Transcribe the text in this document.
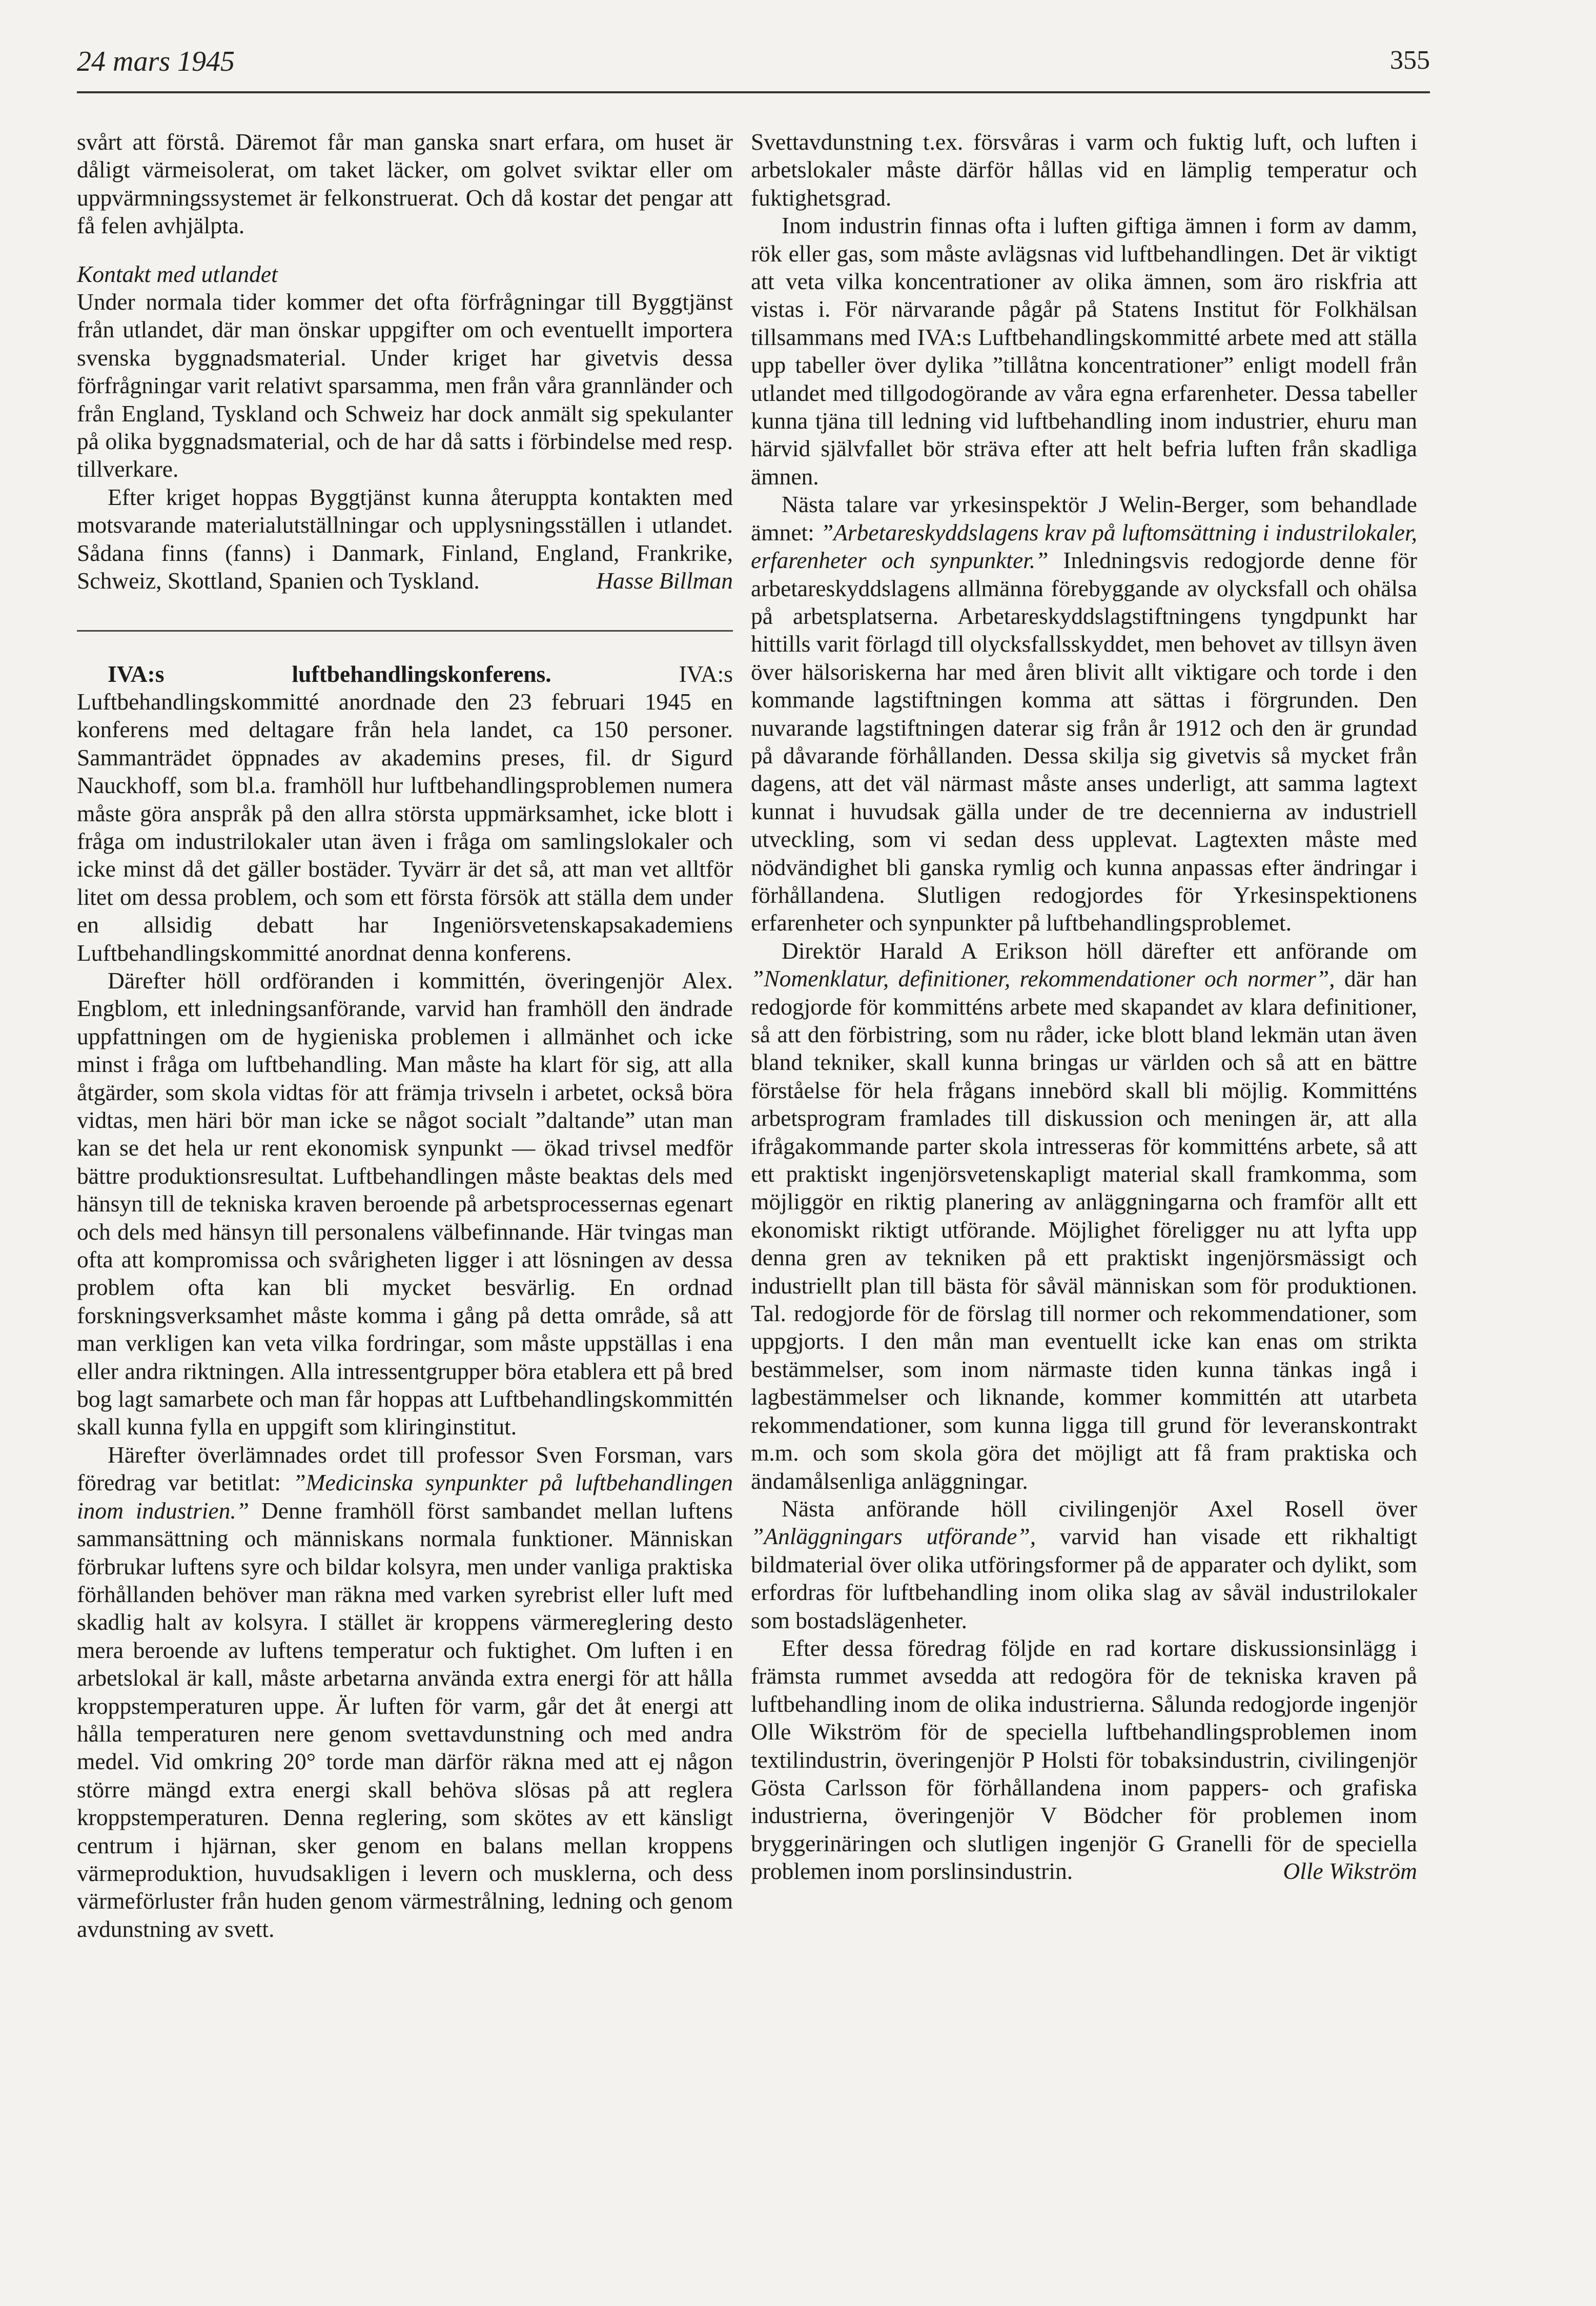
24 mars 1945	355

svårt att förstå. Däremot får man ganska snart erfara, om huset är dåligt värmeisolerat, om taket läcker, om golvet sviktar eller om uppvärmningssystemet är felkonstruerat. Och då kostar det pengar att få felen avhjälpta.

Kontakt med utlandet

Under normala tider kommer det ofta förfrågningar till Byggtjänst från utlandet, där man önskar uppgifter om och eventuellt importera svenska byggnadsmaterial. Under kriget har givetvis dessa förfrågningar varit relativt sparsamma, men från våra grannländer och från England, Tyskland och Schweiz har dock anmält sig spekulanter på olika byggnadsmaterial, och de har då satts i förbindelse med resp. tillverkare.

Efter kriget hoppas Byggtjänst kunna återuppta kontakten med motsvarande materialutställningar och upplysningsställen i utlandet. Sådana finns (fanns) i Danmark, Finland, England, Frankrike, Schweiz, Skottland, Spanien och Tyskland.	Hasse Billman

IVA:s luftbehandlingskonferens.	IVA:s Luftbehandlingskommitté anordnade den 23 februari 1945 en konferens med deltagare från hela landet, ca 150 personer. Sammanträdet öppnades av akademins preses, fil. dr Sigurd Nauckhoff, som bl.a. framhöll hur luftbehandlingsproblemen numera måste göra anspråk på den allra största uppmärksamhet, icke blott i fråga om industrilokaler utan även i fråga om samlingslokaler och icke minst då det gäller bostäder. Tyvärr är det så, att man vet alltför litet om dessa problem, och som ett första försök att ställa dem under en allsidig debatt har Ingeniörsvetenskapsakademiens Luftbehandlingskommitté anordnat denna konferens.

Därefter höll ordföranden i kommittén, överingenjör Alex. Engblom, ett inledningsanförande, varvid han framhöll den ändrade uppfattningen om de hygieniska problemen i allmänhet och icke minst i fråga om luftbehandling. Man måste ha klart för sig, att alla åtgärder, som skola vidtas för att främja trivseln i arbetet, också böra vidtas, men häri bör man icke se något socialt ”daltande” utan man kan se det hela ur rent ekonomisk synpunkt — ökad trivsel medför bättre produktionsresultat. Luftbehandlingen måste beaktas dels med hänsyn till de tekniska kraven beroende på arbetsprocessernas egenart och dels med hänsyn till personalens välbefinnande. Här tvingas man ofta att kompromissa och svårigheten ligger i att lösningen av dessa problem ofta kan bli mycket besvärlig. En ordnad forskningsverksamhet måste komma i gång på detta område, så att man verkligen kan veta vilka fordringar, som måste uppställas i ena eller andra riktningen. Alla intressentgrupper böra etablera ett på bred bog lagt samarbete och man får hoppas att Luftbehandlingskommittén skall kunna fylla en uppgift som kliringinstitut.

Härefter överlämnades ordet till professor Sven Forsman, vars föredrag var betitlat: ”Medicinska synpunkter på luftbehandlingen inom industrien.” Denne framhöll först sambandet mellan luftens sammansättning och människans normala funktioner. Människan förbrukar luftens syre och bildar kolsyra, men under vanliga praktiska förhållanden behöver man räkna med varken syrebrist eller luft med skadlig halt av kolsyra. I stället är kroppens värmereglering desto mera beroende av luftens temperatur och fuktighet. Om luften i en arbetslokal är kall, måste arbetarna använda extra energi för att hålla kroppstemperaturen uppe. Är luften för varm, går det åt energi att hålla temperaturen nere genom svettavdunstning och med andra medel. Vid omkring 20° torde man därför räkna med att ej någon större mängd extra energi skall behöva slösas på att reglera kroppstemperaturen. Denna reglering, som skötes av ett känsligt centrum i hjärnan, sker genom en balans mellan kroppens värmeproduktion, huvudsakligen i levern och musklerna, och dess värmeförluster från huden genom värmestrålning, ledning och genom avdunstning av svett.

Svettavdunstning t.ex. försvåras i varm och fuktig luft, och luften i arbetslokaler måste därför hållas vid en lämplig temperatur och fuktighetsgrad.

Inom industrin finnas ofta i luften giftiga ämnen i form av damm, rök eller gas, som måste avlägsnas vid luftbehandlingen. Det är viktigt att veta vilka koncentrationer av olika ämnen, som äro riskfria att vistas i. För närvarande pågår på Statens Institut för Folkhälsan tillsammans med IVA:s Luftbehandlingskommitté arbete med att ställa upp tabeller över dylika ”tillåtna koncentrationer” enligt modell från utlandet med tillgodogörande av våra egna erfarenheter. Dessa tabeller kunna tjäna till ledning vid luftbehandling inom industrier, ehuru man härvid självfallet bör sträva efter att helt befria luften från skadliga ämnen.

Nästa talare var yrkesinspektör J Welin-Berger, som behandlade ämnet: ”Arbetareskyddslagens krav på luftomsättning i industrilokaler, erfarenheter och synpunkter.” Inledningsvis redogjorde denne för arbetareskyddslagens allmänna förebyggande av olycksfall och ohälsa på arbetsplatserna. Arbetareskyddslagstiftningens tyngdpunkt har hittills varit förlagd till olycksfallsskyddet, men behovet av tillsyn även över hälsoriskerna har med åren blivit allt viktigare och torde i den kommande lagstiftningen komma att sättas i förgrunden. Den nuvarande lagstiftningen daterar sig från år 1912 och den är grundad på dåvarande förhållanden. Dessa skilja sig givetvis så mycket från dagens, att det väl närmast måste anses underligt, att samma lagtext kunnat i huvudsak gälla under de tre decennierna av industriell utveckling, som vi sedan dess upplevat. Lagtexten måste med nödvändighet bli ganska rymlig och kunna anpassas efter ändringar i förhållandena. Slutligen redogjordes för Yrkesinspektionens erfarenheter och synpunkter på luftbehandlingsproblemet.

Direktör Harald A Erikson höll därefter ett anförande om ”Nomenklatur, definitioner, rekommendationer och normer”, där han redogjorde för kommitténs arbete med skapandet av klara definitioner, så att den förbistring, som nu råder, icke blott bland lekmän utan även bland tekniker, skall kunna bringas ur världen och så att en bättre förståelse för hela frågans innebörd skall bli möjlig. Kommitténs arbetsprogram framlades till diskussion och meningen är, att alla ifrågakommande parter skola intresseras för kommitténs arbete, så att ett praktiskt ingenjörsvetenskapligt material skall framkomma, som möjliggör en riktig planering av anläggningarna och framför allt ett ekonomiskt riktigt utförande. Möjlighet föreligger nu att lyfta upp denna gren av tekniken på ett praktiskt ingenjörsmässigt och industriellt plan till bästa för såväl människan som för produktionen. Tal. redogjorde för de förslag till normer och rekommendationer, som uppgjorts. I den mån man eventuellt icke kan enas om strikta bestämmelser, som inom närmaste tiden kunna tänkas ingå i lagbestämmelser och liknande, kommer kommittén att utarbeta rekommendationer, som kunna ligga till grund för leveranskontrakt m.m. och som skola göra det möjligt att få fram praktiska och ändamålsenliga anläggningar.

Nästa anförande höll civilingenjör Axel Rosell över ”Anläggningars utförande”, varvid han visade ett rikhaltigt bildmaterial över olika utföringsformer på de apparater och dylikt, som erfordras för luftbehandling inom olika slag av såväl industrilokaler som bostadslägenheter.

Efter dessa föredrag följde en rad kortare diskussionsinlägg i främsta rummet avsedda att redogöra för de tekniska kraven på luftbehandling inom de olika industrierna. Sålunda redogjorde ingenjör Olle Wikström för de speciella luftbehandlingsproblemen inom textilindustrin, överingenjör P Holsti för tobaksindustrin, civilingenjör Gösta Carlsson för förhållandena inom pappers- och grafiska industrierna, överingenjör V Bödcher för problemen inom bryggerinäringen och slutligen ingenjör G Granelli för de speciella problemen inom porslinsindustrin.	Olle Wikström
